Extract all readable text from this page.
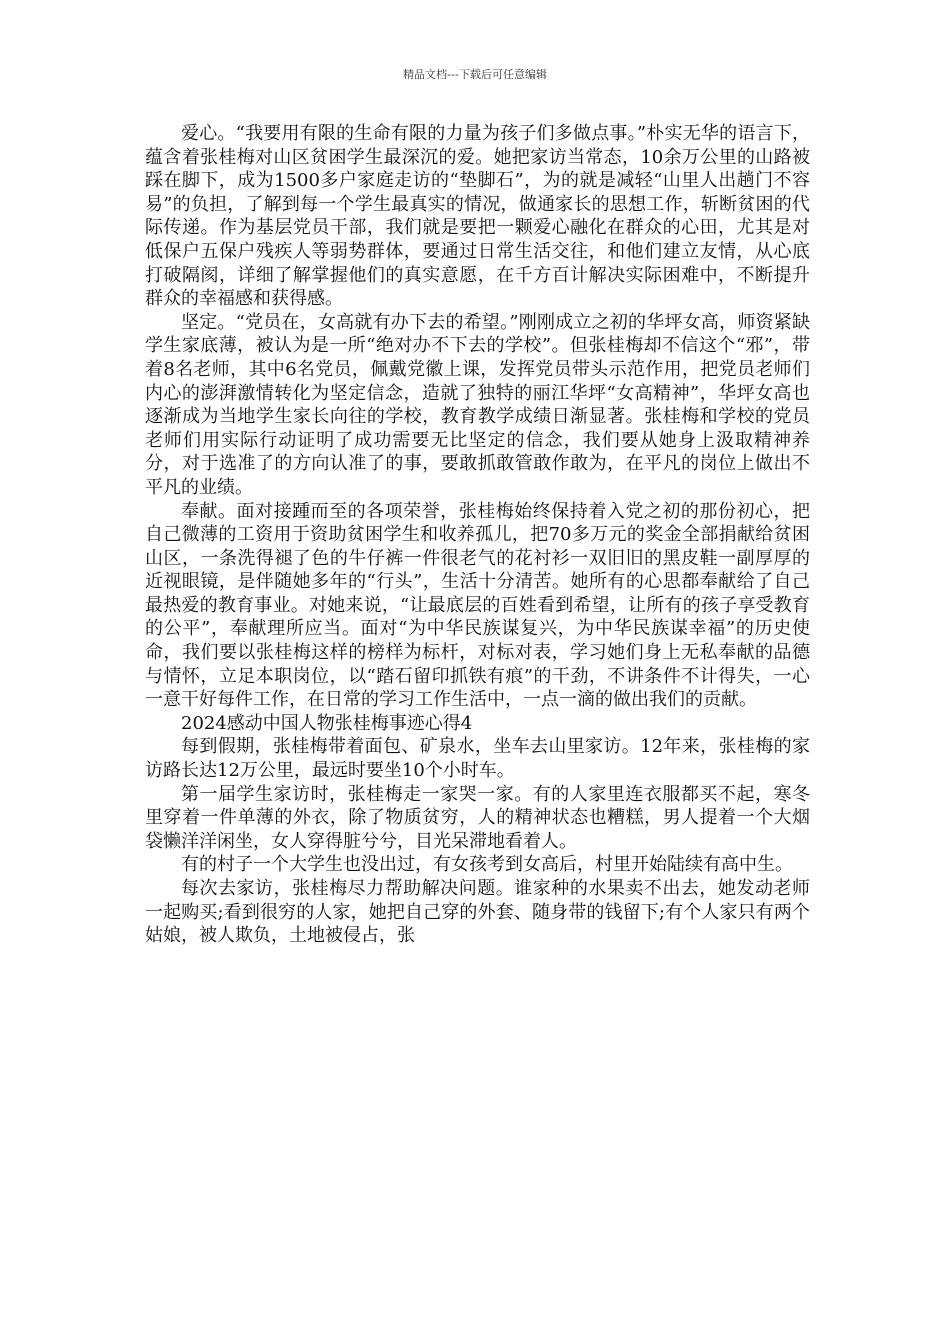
精品文档---下载后可任意编辑

爱心。“我要用有限的生命有限的力量为孩子们多做点事。”朴实无华的语言下，蕴含着张桂梅对山区贫困学生最深沉的爱。她把家访当常态，10余万公里的山路被踩在脚下，成为1500多户家庭走访的“垫脚石”，为的就是减轻“山里人出趟门不容易”的负担，了解到每一个学生最真实的情况，做通家长的思想工作，斩断贫困的代际传递。作为基层党员干部，我们就是要把一颗爱心融化在群众的心田，尤其是对低保户五保户残疾人等弱势群体，要通过日常生活交往，和他们建立友情，从心底打破隔阂，详细了解掌握他们的真实意愿，在千方百计解决实际困难中，不断提升群众的幸福感和获得感。

坚定。“党员在，女高就有办下去的希望。”刚刚成立之初的华坪女高，师资紧缺学生家底薄，被认为是一所“绝对办不下去的学校”。但张桂梅却不信这个“邪”，带着8名老师，其中6名党员，佩戴党徽上课，发挥党员带头示范作用，把党员老师们内心的澎湃激情转化为坚定信念，造就了独特的丽江华坪“女高精神”，华坪女高也逐渐成为当地学生家长向往的学校，教育教学成绩日渐显著。张桂梅和学校的党员老师们用实际行动证明了成功需要无比坚定的信念，我们要从她身上汲取精神养分，对于选准了的方向认准了的事，要敢抓敢管敢作敢为，在平凡的岗位上做出不平凡的业绩。

奉献。面对接踵而至的各项荣誉，张桂梅始终保持着入党之初的那份初心，把自己微薄的工资用于资助贫困学生和收养孤儿，把70多万元的奖金全部捐献给贫困山区，一条洗得褪了色的牛仔裤一件很老气的花衬衫一双旧旧的黑皮鞋一副厚厚的近视眼镜，是伴随她多年的“行头”，生活十分清苦。她所有的心思都奉献给了自己最热爱的教育事业。对她来说，“让最底层的百姓看到希望，让所有的孩子享受教育的公平”，奉献理所应当。面对“为中华民族谋复兴，为中华民族谋幸福”的历史使命，我们要以张桂梅这样的榜样为标杆，对标对表，学习她们身上无私奉献的品德与情怀，立足本职岗位，以“踏石留印抓铁有痕”的干劲，不讲条件不计得失，一心一意干好每件工作，在日常的学习工作生活中，一点一滴的做出我们的贡献。

2024感动中国人物张桂梅事迹心得4

每到假期，张桂梅带着面包、矿泉水，坐车去山里家访。12年来，张桂梅的家访路长达12万公里，最远时要坐10个小时车。

第一届学生家访时，张桂梅走一家哭一家。有的人家里连衣服都买不起，寒冬里穿着一件单薄的外衣，除了物质贫穷，人的精神状态也糟糕，男人提着一个大烟袋懒洋洋闲坐，女人穿得脏兮兮，目光呆滞地看着人。

有的村子一个大学生也没出过，有女孩考到女高后，村里开始陆续有高中生。

每次去家访，张桂梅尽力帮助解决问题。谁家种的水果卖不出去，她发动老师一起购买;看到很穷的人家，她把自己穿的外套、随身带的钱留下;有个人家只有两个姑娘，被人欺负，土地被侵占，张
